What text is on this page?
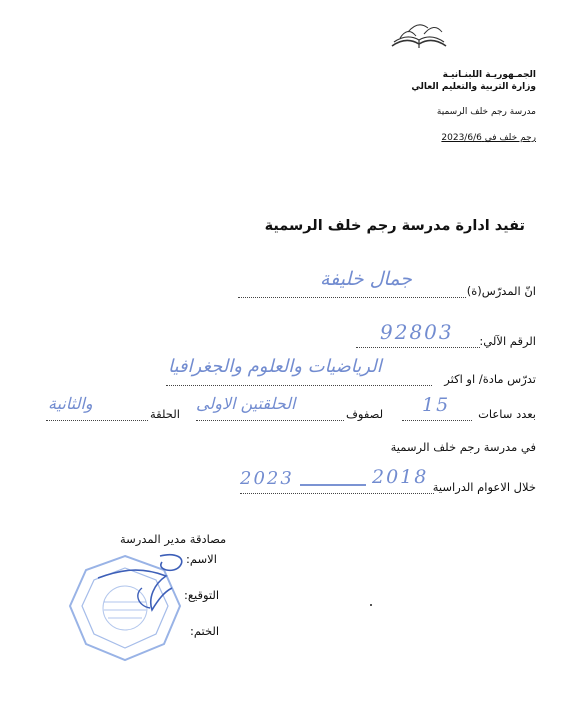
الجمـهوريـة اللبنـانيـة
وزارة التربية والتعليم العالي
مدرسة رجم خلف الرسمية
رجم خلف في 2023/6/6
تفيد ادارة مدرسة رجم خلف الرسمية
انّ المدرّس(ة)
جمال خليفة
الرقم الآلي:
92803
تدرّس مادة/ او اكثر
الرياضيات والعلوم والجغرافيا
بعدد ساعات
15
لصفوف
الحلقتين الاولى
الحلقة
والثانية
في مدرسة رجم خلف الرسمية
خلال الاعوام الدراسية
2018
2023
مصادقة مدير المدرسة
الاسم:
التوقيع:
الختم:
